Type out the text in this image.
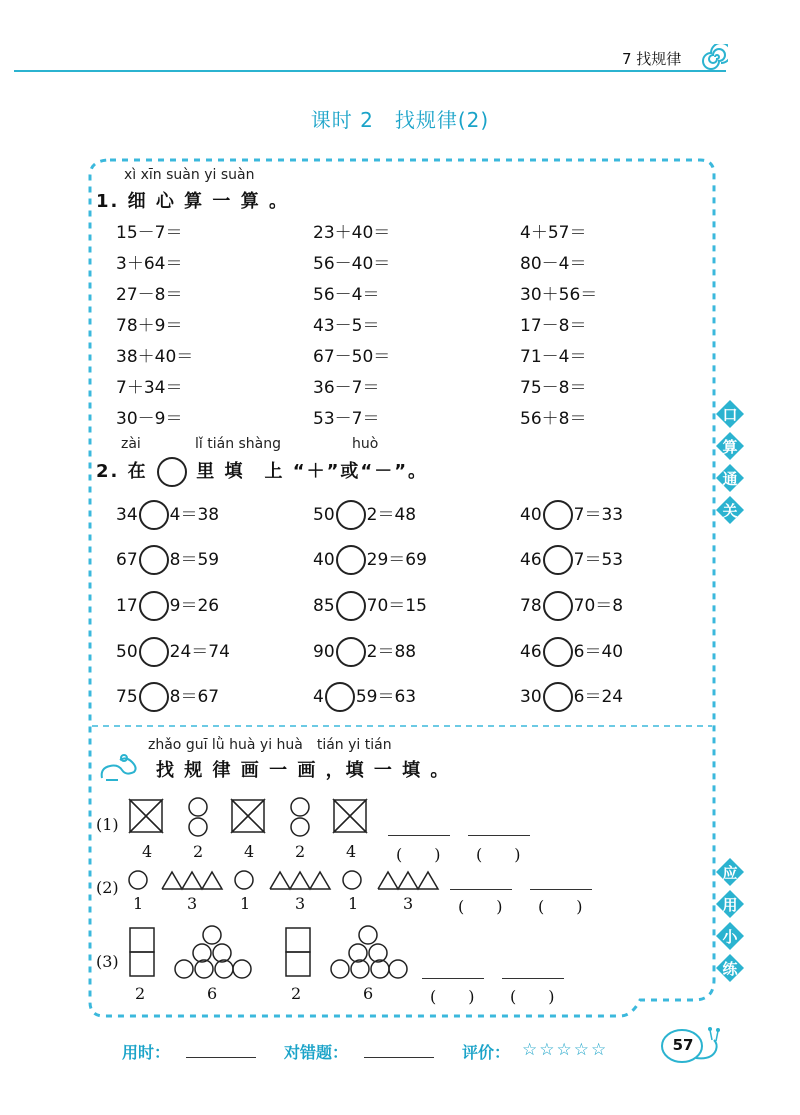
7 找规律
课时 2　找规律(2)
xì xīn suàn yi suàn
1. 细 心 算 一 算 。
15－7＝	23＋40＝	4＋57＝
3＋64＝	56－40＝	80－4＝
27－8＝	56－4＝	30＋56＝
78＋9＝	43－5＝	17－8＝
38＋40＝	67－50＝	71－4＝
7＋34＝	36－7＝	75－8＝
30－9＝	53－7＝	56＋8＝
zài	lǐ tián shàng	huò
2. 在	里 填　上 “＋”或“－”。
34 4＝38	50 2＝48	40 7＝33
67 8＝59	40 29＝69	46 7＝53
17 9＝26	85 70＝15	78 70＝8
50 24＝74	90 2＝88	46 6＝40
75 8＝67	4 59＝63	30 6＝24
zhǎo guī lǜ huà yi huà　tián yi tián
找 规 律 画 一 画 ，填 一 填 。
(1)
4	2	4	2	4 (　　) (　　)
(2)
1	3	1	3	1	3	(　　) (　　)
(3)
2	6	2	6	(　　) (　　)
口
算
通
关
应
用
小
练
用时：	对错题：	评价： ☆☆☆☆☆	57
